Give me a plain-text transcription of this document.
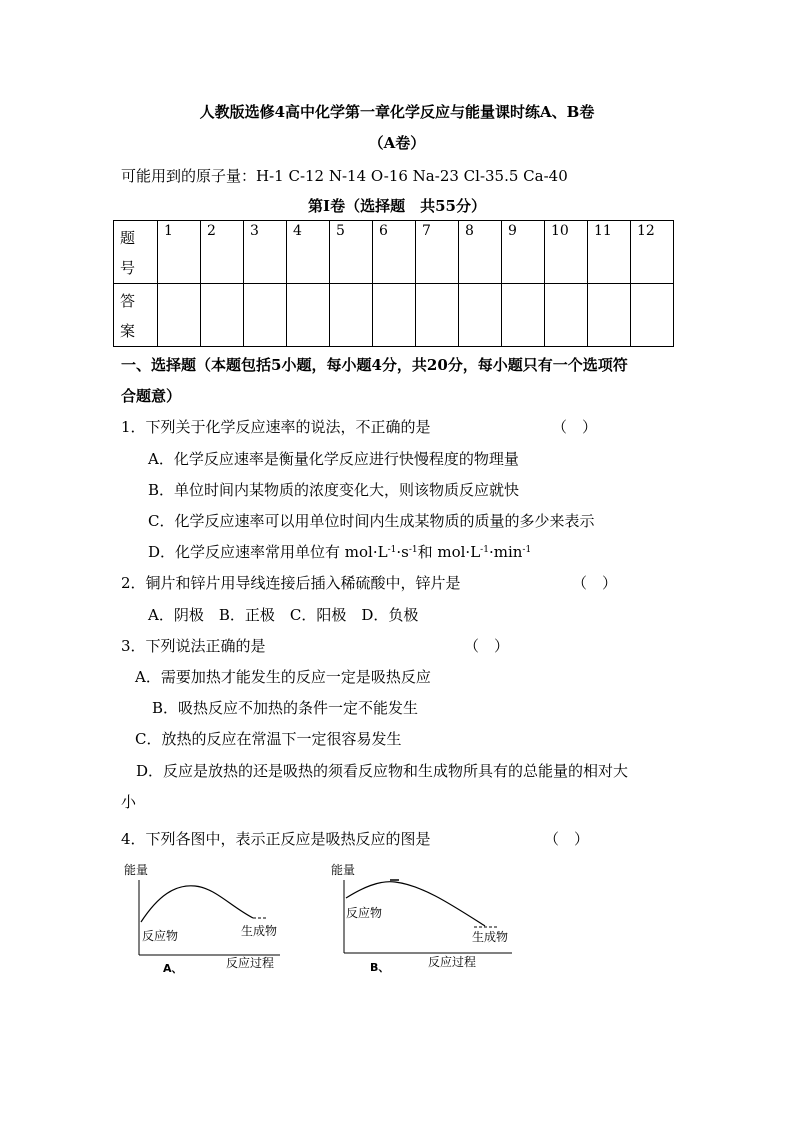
人教版选修4高中化学第一章化学反应与能量课时练A、B卷
（A卷）
可能用到的原子量：H-1 C-12 N-14 O-16 Na-23 Cl-35.5 Ca-40
第Ⅰ卷（选择题　共55分）
题
号	1	2	3	4	5	6	7	8	9	10	11	12
答
案												
一、选择题（本题包括5小题，每小题4分，共20分，每小题只有一个选项符
合题意）
1．下列关于化学反应速率的说法，不正确的是	（　）
A．化学反应速率是衡量化学反应进行快慢程度的物理量
B．单位时间内某物质的浓度变化大，则该物质反应就快
C．化学反应速率可以用单位时间内生成某物质的质量的多少来表示
D．化学反应速率常用单位有 $mol\cdot L^{-1}\cdot s^{-1}$和 $mol\cdot L^{-1}\cdot\min^{-1}$
2．铜片和锌片用导线连接后插入稀硫酸中，锌片是	（　）
A．阴极　B．正极　C．阳极　D．负极
3．下列说法正确的是	（　）
A．需要加热才能发生的反应一定是吸热反应
B．吸热反应不加热的条件一定不能发生
C．放热的反应在常温下一定很容易发生
D．反应是放热的还是吸热的须看反应物和生成物所具有的总能量的相对大
小
4．下列各图中，表示正反应是吸热反应的图是	（　）
能量
反应物	生成物
A、	反应过程
能量
反应物
生成物
B、	反应过程
